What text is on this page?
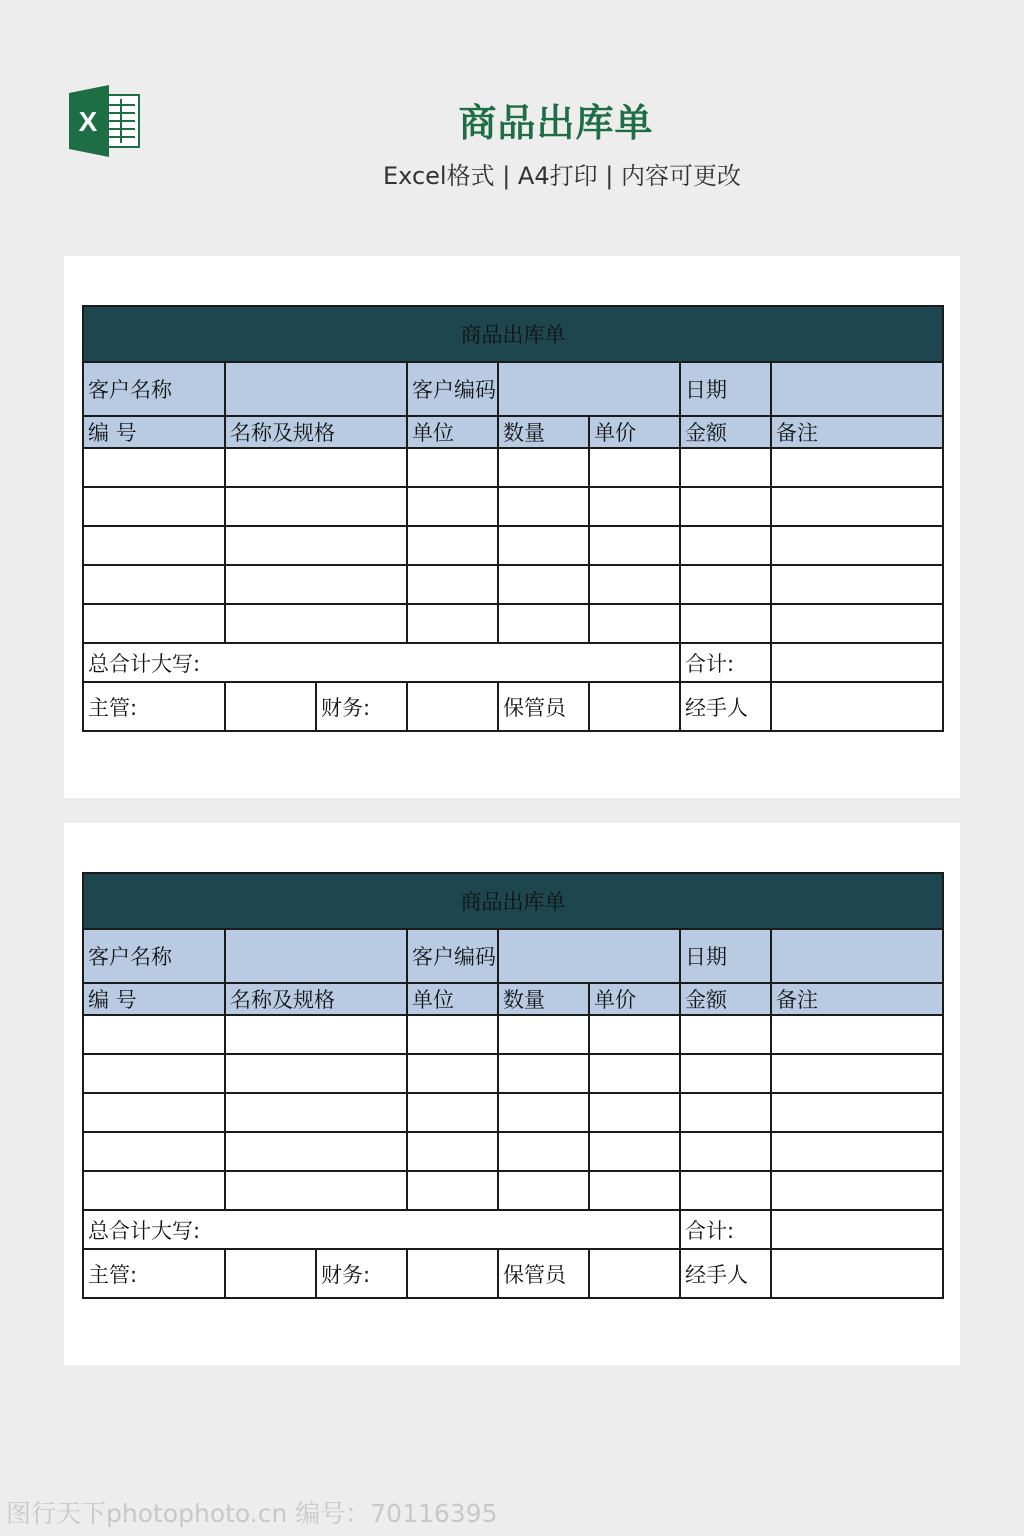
X	商品出库单
Excel格式 | A4打印 | 内容可更改
商品出库单							
客户名称			客户编码			日期	
编 号	名称及规格		单位	数量	单价	金额	备注

总合计大写:						合计:	
主管:		财务:		保管员		经手人	
商品出库单							
客户名称			客户编码			日期	
编 号	名称及规格		单位	数量	单价	金额	备注

总合计大写:						合计:	
主管:		财务:		保管员		经手人	
图行天下photophoto.cn 编号：70116395
